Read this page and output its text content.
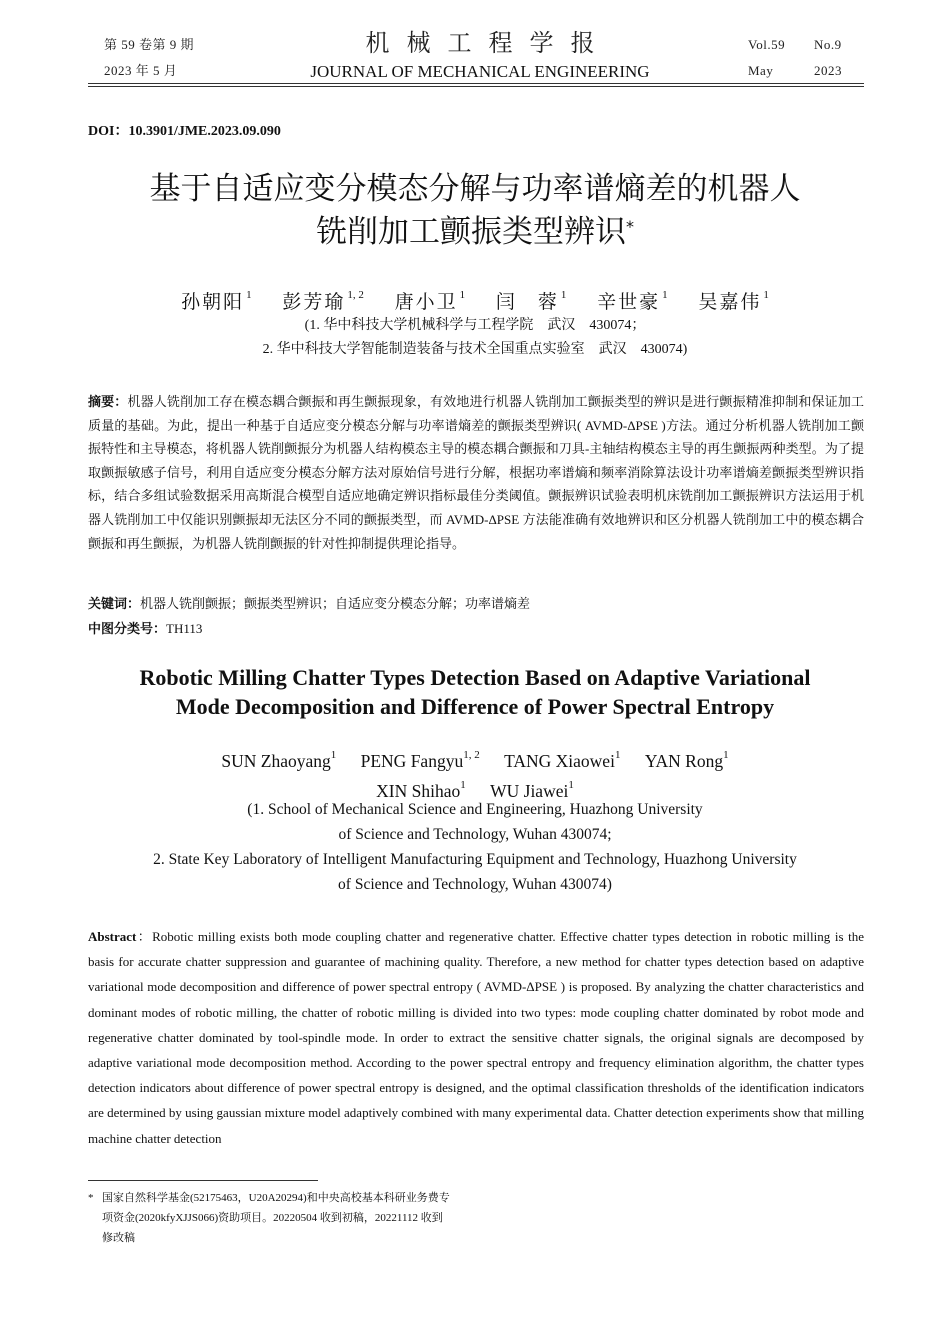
第 59 卷第 9 期
2023 年 5 月
机械工程学报
JOURNAL OF MECHANICAL ENGINEERING
Vol.59 No.9
May	2023
DOI：10.3901/JME.2023.09.090
基于自适应变分模态分解与功率谱熵差的机器人
铣削加工颤振类型辨识*
孙朝阳 $^1$ 彭芳瑜 $^{1, 2}$ 唐小卫 $^1$ 闫　蓉 $^1$ 辛世豪 $^1$ 吴嘉伟 $^1$
(1. 华中科技大学机械科学与工程学院　武汉　430074；
2. 华中科技大学智能制造装备与技术全国重点实验室　武汉　430074)
摘要：机器人铣削加工存在模态耦合颤振和再生颤振现象，有效地进行机器人铣削加工颤振类型的辨识是进行颤振精准抑制和保证加工质量的基础。为此，提出一种基于自适应变分模态分解与功率谱熵差的颤振类型辨识( AVMD-ΔPSE )方法。通过分析机器人铣削加工颤振特性和主导模态，将机器人铣削颤振分为机器人结构模态主导的模态耦合颤振和刀具-主轴结构模态主导的再生颤振两种类型。为了提取颤振敏感子信号，利用自适应变分模态分解方法对原始信号进行分解，根据功率谱熵和频率消除算法设计功率谱熵差颤振类型辨识指标，结合多组试验数据采用高斯混合模型自适应地确定辨识指标最佳分类阈值。颤振辨识试验表明机床铣削加工颤振辨识方法运用于机器人铣削加工中仅能识别颤振却无法区分不同的颤振类型，而 AVMD-ΔPSE 方法能准确有效地辨识和区分机器人铣削加工中的模态耦合颤振和再生颤振，为机器人铣削颤振的针对性抑制提供理论指导。
关键词：机器人铣削颤振；颤振类型辨识；自适应变分模态分解；功率谱熵差
中图分类号：TH113
Robotic Milling Chatter Types Detection Based on Adaptive Variational
Mode Decomposition and Difference of Power Spectral Entropy
SUN Zhaoyang$^1$ PENG Fangyu$^{1, 2}$ TANG Xiaowei$^1$ YAN Rong$^1$
XIN Shihao$^1$ WU Jiawei$^1$
(1. School of Mechanical Science and Engineering, Huazhong University
of Science and Technology, Wuhan 430074;
2. State Key Laboratory of Intelligent Manufacturing Equipment and Technology, Huazhong University
of Science and Technology, Wuhan 430074)
Abstract：Robotic milling exists both mode coupling chatter and regenerative chatter. Effective chatter types detection in robotic milling is the basis for accurate chatter suppression and guarantee of machining quality. Therefore, a new method for chatter types detection based on adaptive variational mode decomposition and difference of power spectral entropy ( AVMD-ΔPSE ) is proposed. By analyzing the chatter characteristics and dominant modes of robotic milling, the chatter of robotic milling is divided into two types: mode coupling chatter dominated by robot mode and regenerative chatter dominated by tool-spindle mode. In order to extract the sensitive chatter signals, the original signals are decomposed by adaptive variational mode decomposition method. According to the power spectral entropy and frequency elimination algorithm, the chatter types detection indicators about difference of power spectral entropy is designed, and the optimal classification thresholds of the identification indicators are determined by using gaussian mixture model adaptively combined with many experimental data. Chatter detection experiments show that milling machine chatter detection
* 国家自然科学基金(52175463，U20A20294)和中央高校基本科研业务费专
项资金(2020kfyXJJS066)资助项目。20220504 收到初稿，20221112 收到
修改稿
